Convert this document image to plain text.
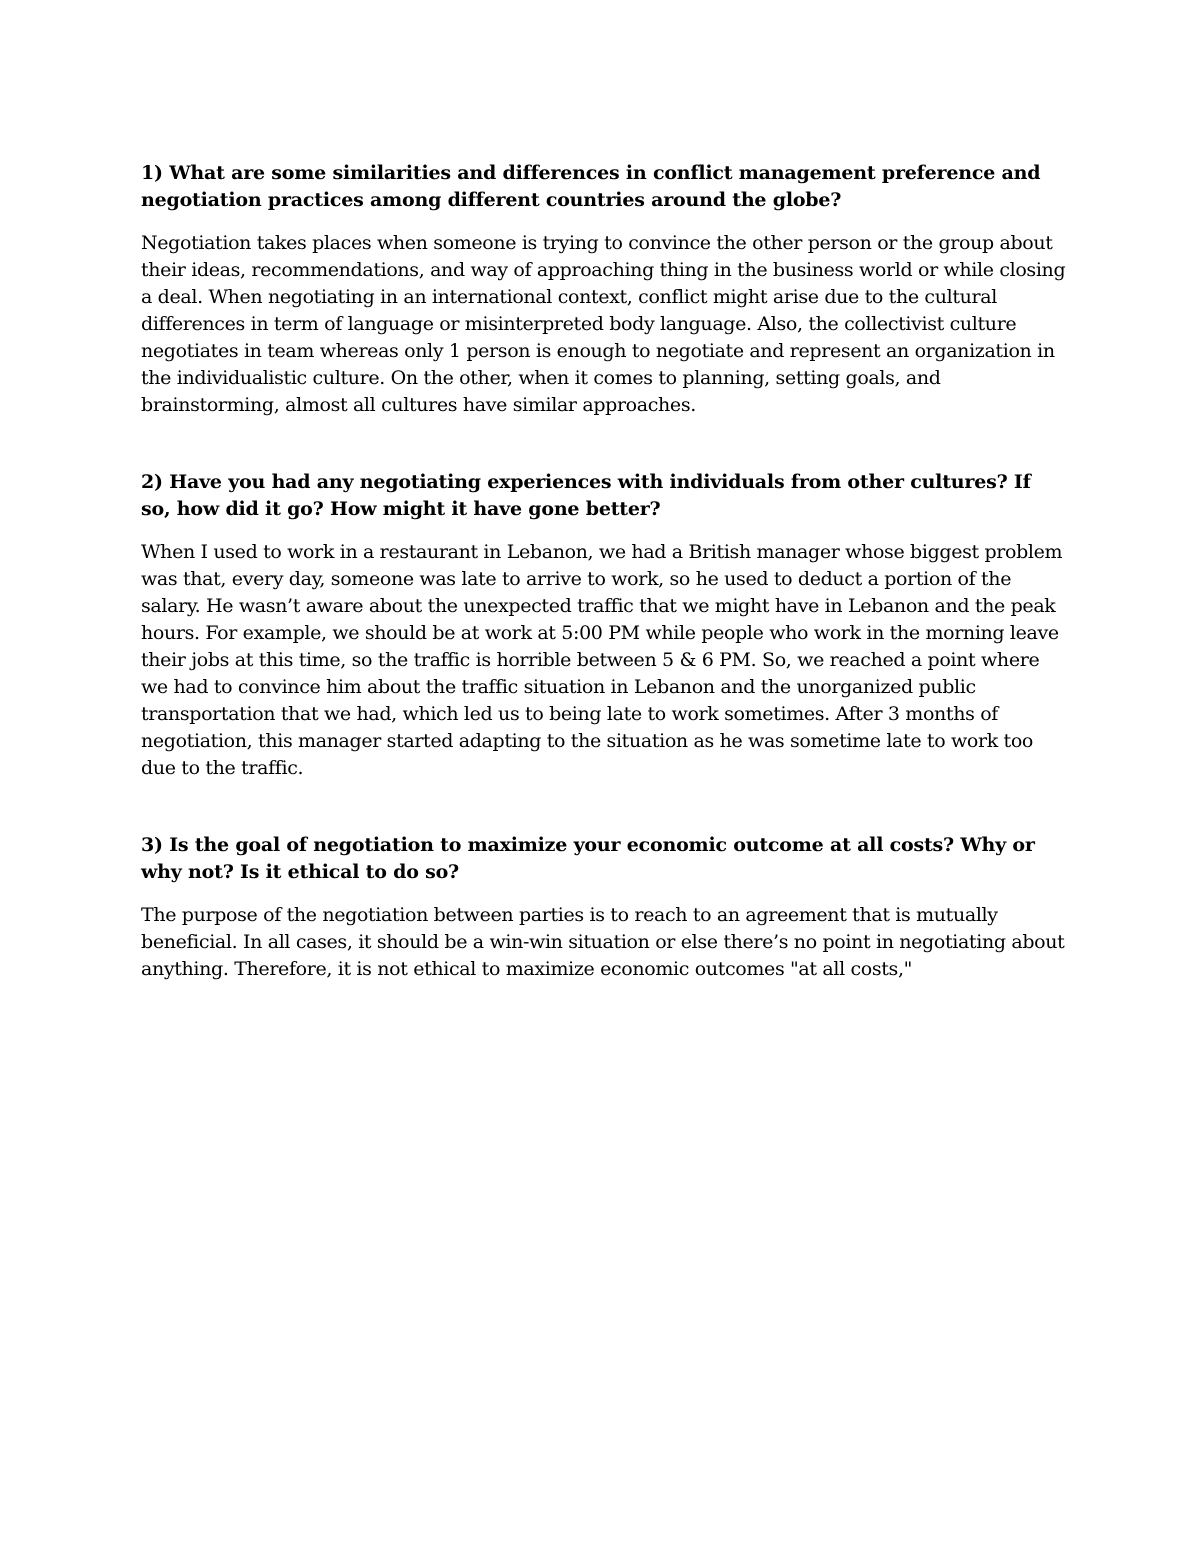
1) What are some similarities and differences in conflict management preference and negotiation practices among different countries around the globe?

Negotiation takes places when someone is trying to convince the other person or the group about their ideas, recommendations, and way of approaching thing in the business world or while closing a deal. When negotiating in an international context, conflict might arise due to the cultural differences in term of language or misinterpreted body language. Also, the collectivist culture negotiates in team whereas only 1 person is enough to negotiate and represent an organization in the individualistic culture. On the other, when it comes to planning, setting goals, and brainstorming, almost all cultures have similar approaches.

2) Have you had any negotiating experiences with individuals from other cultures? If so, how did it go? How might it have gone better?

When I used to work in a restaurant in Lebanon, we had a British manager whose biggest problem was that, every day, someone was late to arrive to work, so he used to deduct a portion of the salary. He wasn’t aware about the unexpected traffic that we might have in Lebanon and the peak hours. For example, we should be at work at 5:00 PM while people who work in the morning leave their jobs at this time, so the traffic is horrible between 5 & 6 PM. So, we reached a point where we had to convince him about the traffic situation in Lebanon and the unorganized public transportation that we had, which led us to being late to work sometimes. After 3 months of negotiation, this manager started adapting to the situation as he was sometime late to work too due to the traffic.

3) Is the goal of negotiation to maximize your economic outcome at all costs? Why or why not? Is it ethical to do so?

The purpose of the negotiation between parties is to reach to an agreement that is mutually beneficial. In all cases, it should be a win-win situation or else there’s no point in negotiating about anything. Therefore, it is not ethical to maximize economic outcomes "at all costs,"
